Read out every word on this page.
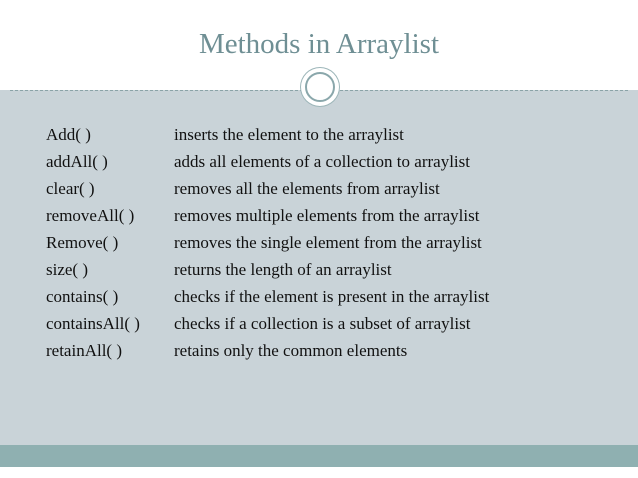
Methods in Arraylist
Add( )	inserts the element to the arraylist
addAll( )	adds all elements of a collection to arraylist
clear( )	removes all the elements from arraylist
removeAll( )	removes multiple elements from the arraylist
Remove( )	removes the single element from the arraylist
size( )	returns the length of an arraylist
contains( )	checks if the element is present in the arraylist
containsAll( )	checks if a collection is a subset of arraylist
retainAll( )	retains only the common elements
